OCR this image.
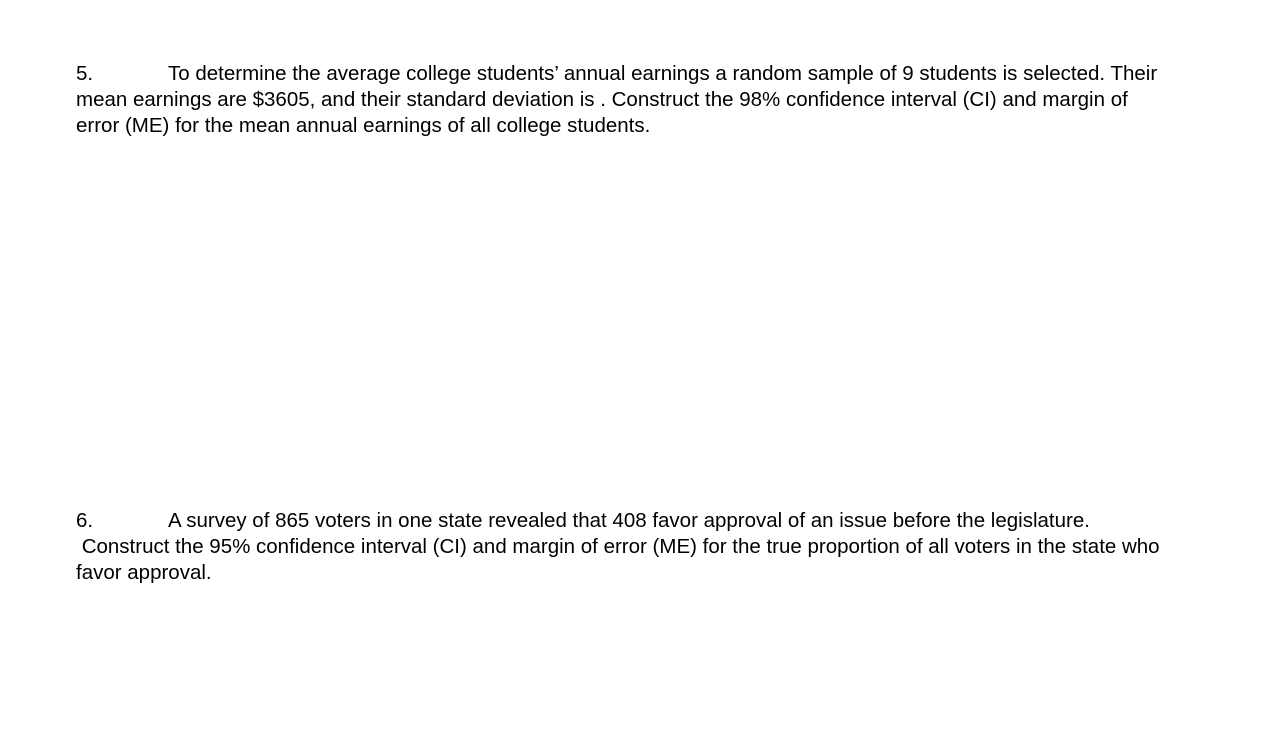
5.	To determine the average college students’ annual earnings a random sample of 9 students is selected. Their
mean earnings are $3605, and their standard deviation is . Construct the 98% confidence interval (CI) and margin of
error (ME) for the mean annual earnings of all college students.
6.	A survey of 865 voters in one state revealed that 408 favor approval of an issue before the legislature.
Construct the 95% confidence interval (CI) and margin of error (ME) for the true proportion of all voters in the state who
favor approval.
